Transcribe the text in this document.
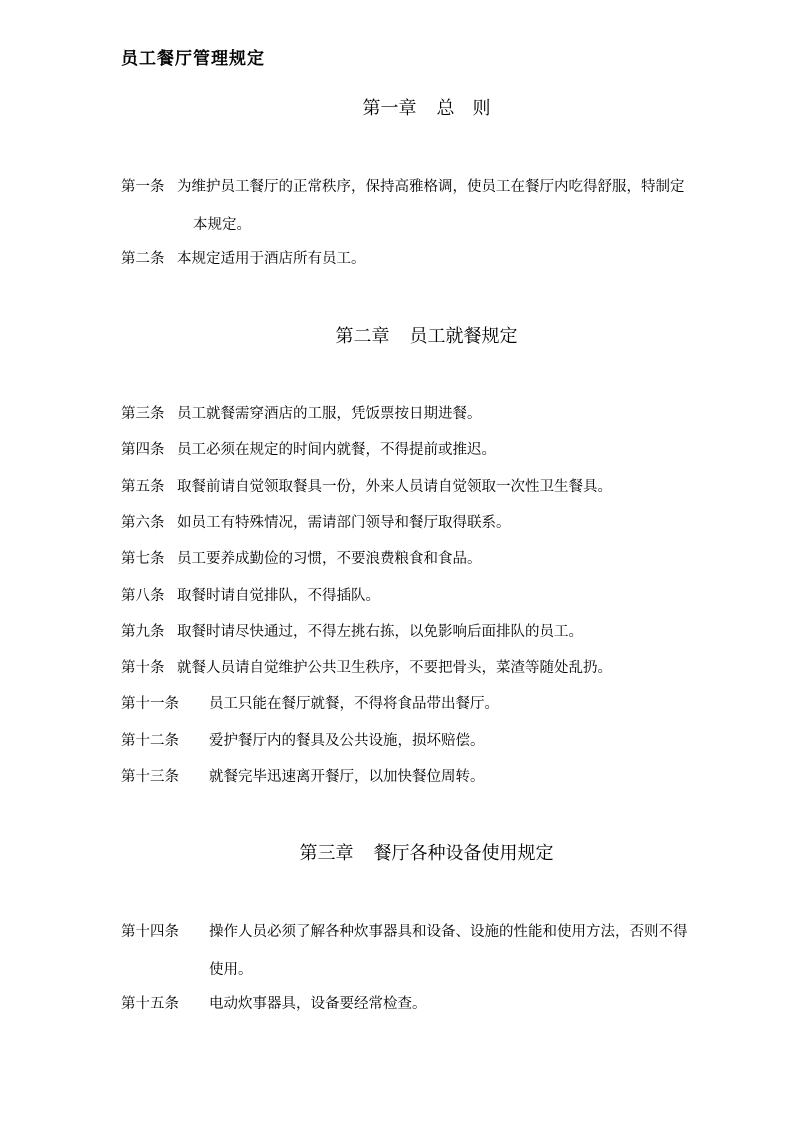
员工餐厅管理规定
第一章 总 则
第一条 为维护员工餐厅的正常秩序，保持高雅格调，使员工在餐厅内吃得舒服，特制定
本规定。
第二条 本规定适用于酒店所有员工。
第二章 员工就餐规定
第三条 员工就餐需穿酒店的工服，凭饭票按日期进餐。
第四条 员工必须在规定的时间内就餐，不得提前或推迟。
第五条 取餐前请自觉领取餐具一份，外来人员请自觉领取一次性卫生餐具。
第六条 如员工有特殊情况，需请部门领导和餐厅取得联系。
第七条 员工要养成勤俭的习惯，不要浪费粮食和食品。
第八条 取餐时请自觉排队，不得插队。
第九条 取餐时请尽快通过，不得左挑右拣，以免影响后面排队的员工。
第十条 就餐人员请自觉维护公共卫生秩序，不要把骨头，菜渣等随处乱扔。
第十一条	员工只能在餐厅就餐，不得将食品带出餐厅。
第十二条	爱护餐厅内的餐具及公共设施，损坏赔偿。
第十三条	就餐完毕迅速离开餐厅，以加快餐位周转。
第三章 餐厅各种设备使用规定
第十四条	操作人员必须了解各种炊事器具和设备、设施的性能和使用方法，否则不得
使用。
第十五条	电动炊事器具，设备要经常检查。
